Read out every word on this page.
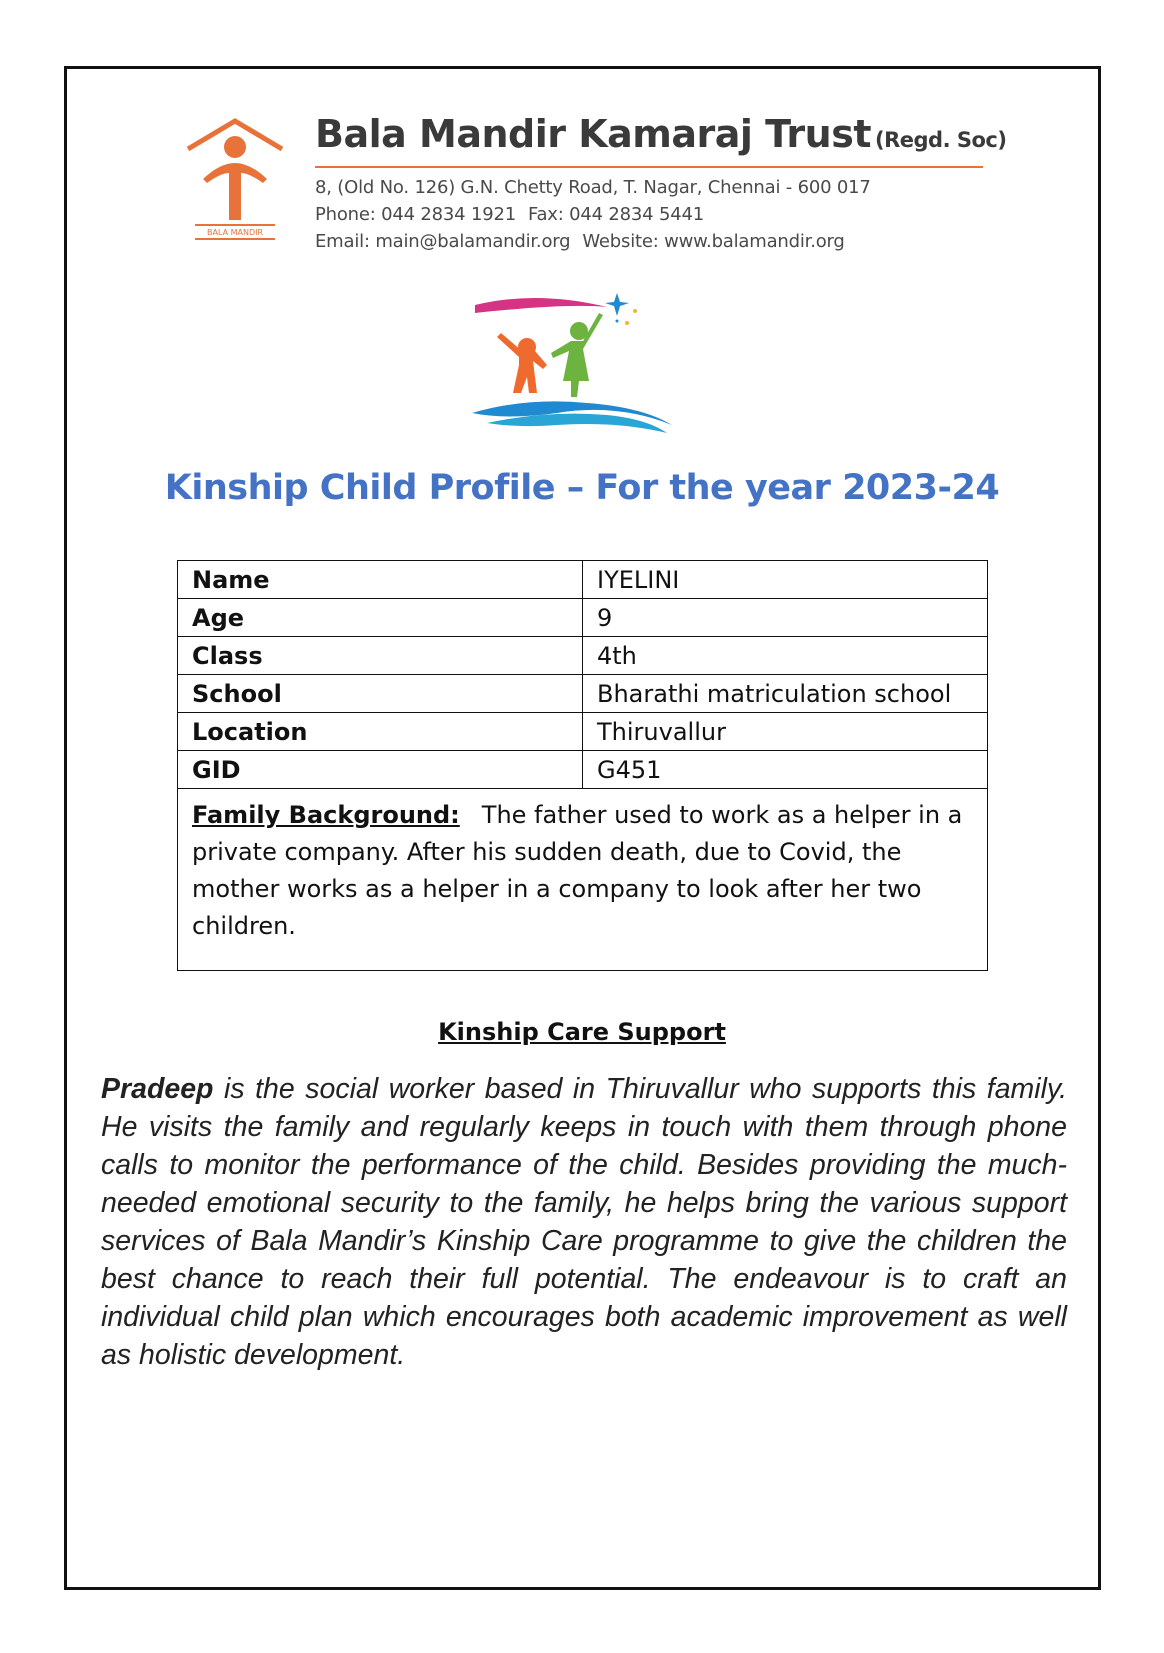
BALA MANDIR
Bala Mandir Kamaraj Trust (Regd. Soc)
8, (Old No. 126) G.N. Chetty Road, T. Nagar, Chennai - 600 017
Phone: 044 2834 1921 Fax: 044 2834 5441
Email: main@balamandir.org Website: www.balamandir.org
Kinship Child Profile – For the year 2023-24
Name	IYELINI
Age	9
Class	4th
School	Bharathi matriculation school
Location	Thiruvallur
GID	G451
Family Background: The father used to work as a helper in a private company. After his sudden death, due to Covid, the mother works as a helper in a company to look after her two children.	
Kinship Care Support
Pradeep is the social worker based in Thiruvallur who supports this family. He visits the family and regularly keeps in touch with them through phone calls to monitor the performance of the child. Besides providing the much-needed emotional security to the family, he helps bring the various support services of Bala Mandir’s Kinship Care programme to give the children the best chance to reach their full potential. The endeavour is to craft an individual child plan which encourages both academic improvement as well as holistic development.
